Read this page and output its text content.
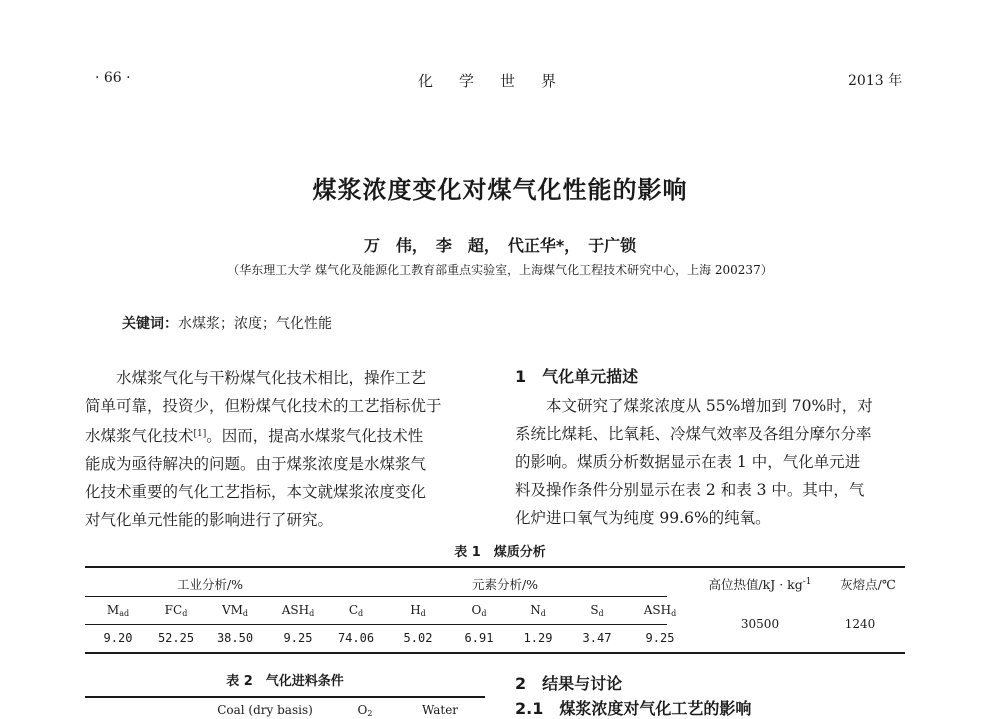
· 66 ·	化学世界	2013 年
煤浆浓度变化对煤气化性能的影响
万　伟，　李　超，　代正华*，　于广锁
（华东理工大学 煤气化及能源化工教育部重点实验室，上海煤气化工程技术研究中心，上海 200237）
关键词：水煤浆；浓度；气化性能
水煤浆气化与干粉煤气化技术相比，操作工艺
简单可靠，投资少，但粉煤气化技术的工艺指标优于
水煤浆气化技术[1]。因而，提高水煤浆气化技术性
能成为亟待解决的问题。由于煤浆浓度是水煤浆气
化技术重要的气化工艺指标，本文就煤浆浓度变化
对气化单元性能的影响进行了研究。
1　气化单元描述
本文研究了煤浆浓度从 55%增加到 70%时，对
系统比煤耗、比氧耗、冷煤气效率及各组分摩尔分率
的影响。煤质分析数据显示在表 1 中，气化单元进
料及操作条件分别显示在表 2 和表 3 中。其中，气
化炉进口氧气为纯度 99.6%的纯氧。
表 1　煤质分析
工业分析/%	元素分析/%	高位热值$/kJ \cdot kg^{-1}$	灰熔点/℃
$M_{ad}$	$FC_d$	$VM_d$	$ASH_d$	$C_d$	$H_d$	$O_d$	$N_d$	$S_d$	$ASH_d$
9.20	52.25	38.50	9.25	74.06	5.02	6.91	1.29	3.47	9.25
30500	1240
表 2　气化进料条件
Coal (dry basis)	$O_2$	Water
2　结果与讨论
2.1　煤浆浓度对气化工艺的影响
